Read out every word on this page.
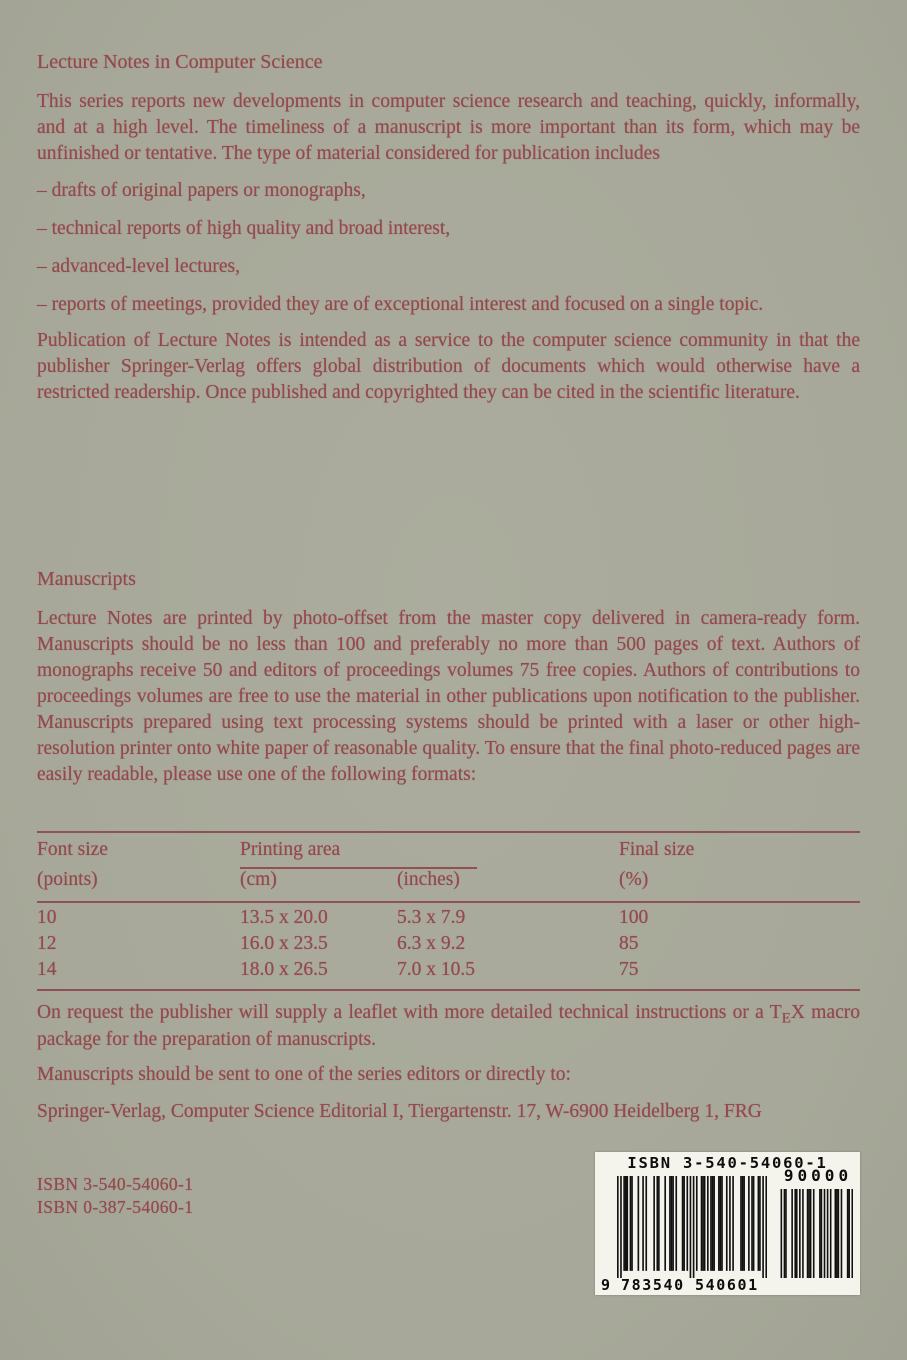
Lecture Notes in Computer Science

This series reports new developments in computer science research and teaching, quickly, informally, and at a high level. The timeliness of a manuscript is more important than its form, which may be unfinished or tentative. The type of material considered for publication includes

– drafts of original papers or monographs,
– technical reports of high quality and broad interest,
– advanced-level lectures,
– reports of meetings, provided they are of exceptional interest and focused on a single topic.

Publication of Lecture Notes is intended as a service to the computer science community in that the publisher Springer-Verlag offers global distribution of documents which would otherwise have a restricted readership. Once published and copyrighted they can be cited in the scientific literature.

Manuscripts

Lecture Notes are printed by photo-offset from the master copy delivered in camera-ready form. Manuscripts should be no less than 100 and preferably no more than 500 pages of text. Authors of monographs receive 50 and editors of proceedings volumes 75 free copies. Authors of contributions to proceedings volumes are free to use the material in other publications upon notification to the publisher. Manuscripts prepared using text processing systems should be printed with a laser or other high-resolution printer onto white paper of reasonable quality. To ensure that the final photo-reduced pages are easily readable, please use one of the following formats:

Font size	Printing area	Final size
(points)	(cm)	(inches)	(%)
10	13.5 x 20.0	5.3 x 7.9	100
12	16.0 x 23.5	6.3 x 9.2	85
14	18.0 x 26.5	7.0 x 10.5	75

On request the publisher will supply a leaflet with more detailed technical instructions or a TEX macro package for the preparation of manuscripts.

Manuscripts should be sent to one of the series editors or directly to:

Springer-Verlag, Computer Science Editorial I, Tiergartenstr. 17, W-6900 Heidelberg 1, FRG

ISBN 3-540-54060-1
ISBN 0-387-54060-1
ISBN 3-540-54060-1
9 783540 540601
90000
